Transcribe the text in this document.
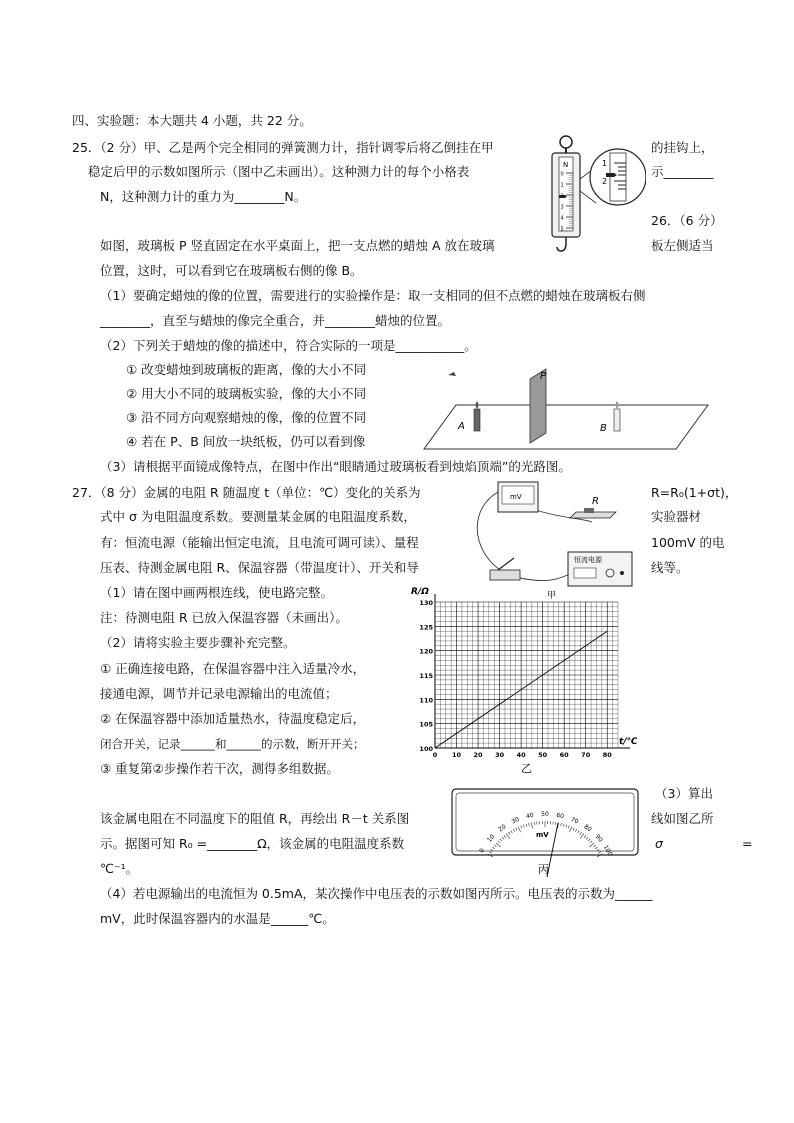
四、实验题：本大题共 4 小题，共 22 分。
25．（2 分）甲、乙是两个完全相同的弹簧测力计，指针调零后将乙倒挂在甲	的挂钩上，
稳定后甲的示数如图所示（图中乙未画出）。这种测力计的每个小格表	示________
N，这种测力计的重力为________N。
N
0
1
3
4
5
1
2
26．（6 分）
如图，玻璃板 P 竖直固定在水平桌面上，把一支点燃的蜡烛 A 放在玻璃	板左侧适当
位置，这时，可以看到它在玻璃板右侧的像 B。
（1）要确定蜡烛的像的位置，需要进行的实验操作是：取一支相同的但不点燃的蜡烛在玻璃板右侧
________，直至与蜡烛的像完全重合，并________蜡烛的位置。
（2）下列关于蜡烛的像的描述中，符合实际的一项是___________。
① 改变蜡烛到玻璃板的距离，像的大小不同
② 用大小不同的玻璃板实验，像的大小不同
③ 沿不同方向观察蜡烛的像，像的位置不同
④ 若在 P、B 间放一块纸板，仍可以看到像
（3）请根据平面镜成像特点，在图中作出“眼睛通过玻璃板看到烛焰顶端”的光路图。
A	B
P
27．（8 分）金属的电阻 R 随温度 t（单位：℃）变化的关系为	R=R₀(1+σt)，
式中 σ 为电阻温度系数。要测量某金属的电阻温度系数，	实验器材
有：恒流电源（能输出恒定电流，且电流可调可读）、量程	100mV 的电
压表、待测金属电阻 R、保温容器（带温度计）、开关和导	线等。
（1）请在图中画两根连线，使电路完整。
注：待测电阻 R 已放入保温容器（未画出）。
（2）请将实验主要步骤补充完整。
① 正确连接电路，在保温容器中注入适量冷水，
接通电源，调节并记录电源输出的电流值；
② 在保温容器中添加适量热水，待温度稳定后，
闭合开关，记录______和______的示数，断开开关；
③ 重复第②步操作若干次，测得多组数据。
（3）算出
该金属电阻在不同温度下的阻值 R，再绘出 R－t 关系图	线如图乙所
示。据图可知 R₀ =________Ω，该金属的电阻温度系数	σ	=
℃⁻¹。
（4）若电源输出的电流恒为 0.5mA，某次操作中电压表的示数如图丙所示。电压表的示数为______
mV，此时保温容器内的水温是______℃。
mV	R
恒流电源
甲
R/Ω
t/℃
100
105
110
115
120
125
130
0 10 20 30 40 50 60 70 80
乙
0
10
20
30 40 50 60 70
80
90
100
mV
丙
